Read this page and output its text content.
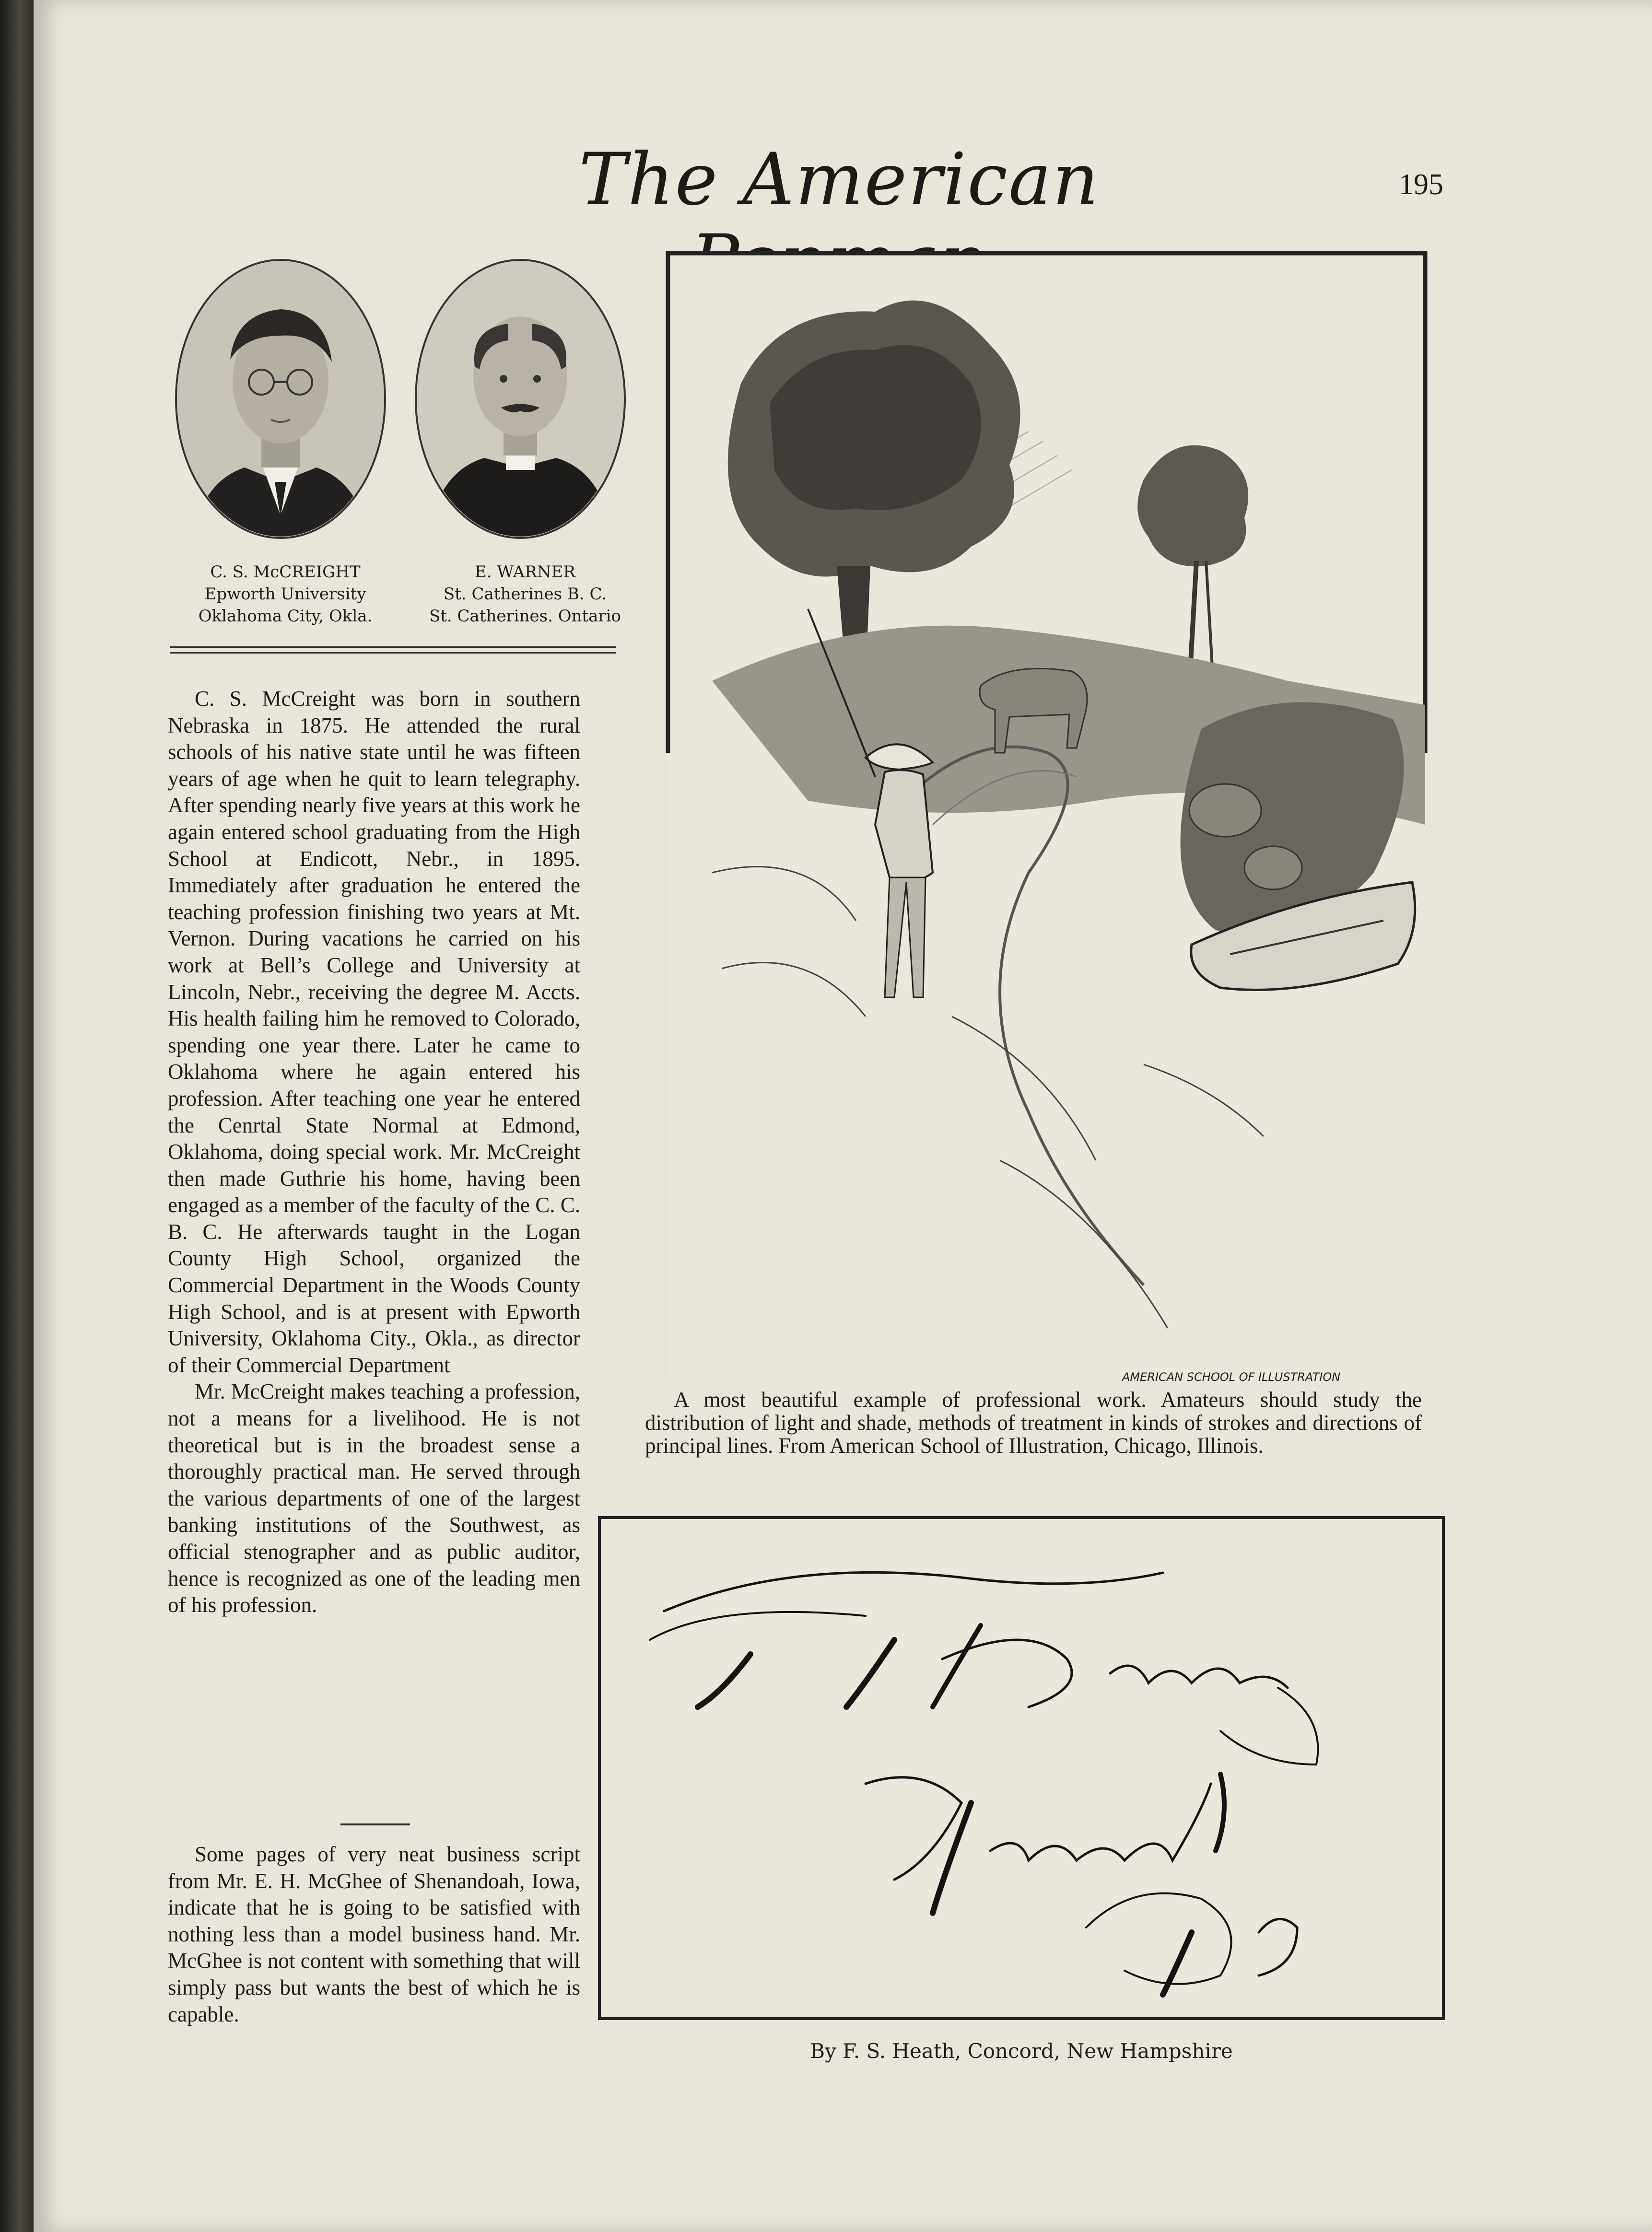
The American	195
C. S. McCREIGHT
Epworth University
Oklahoma City, Okla.
E. WARNER
St. Catherines B. C.
St. Catherines. Ontario

C. S. McCreight was born in southern Nebraska in 1875. He attended the rural schools of his native state until he was fifteen years of age when he quit to learn telegraphy. After spending nearly five years at this work he again entered school graduating from the High School at Endicott, Nebr., in 1895. Immediately after graduation he entered the teaching profession finishing two years at Mt. Vernon. During vacations he carried on his work at Bell’s College and University at Lincoln, Nebr., receiving the degree M. Accts. His health failing him he removed to Colorado, spending one year there. Later he came to Oklahoma where he again entered his profession. After teaching one year he entered the Cenrtal State Normal at Edmond, Oklahoma, doing special work. Mr. McCreight then made Guthrie his home, having been engaged as a member of the faculty of the C. C. B. C. He afterwards taught in the Logan County High School, organized the Commercial Department in the Woods County High School, and is at present with Epworth University, Oklahoma City., Okla., as director of their Commercial Department

Mr. McCreight makes teaching a profession, not a means for a livelihood. He is not theoretical but is in the broadest sense a thoroughly practical man. He served through the various departments of one of the largest banking institutions of the Southwest, as official stenographer and as public auditor, hence is recognized as one of the leading men of his profession.

Some pages of very neat business script from Mr. E. H. McGhee of Shenandoah, Iowa, indicate that he is going to be satisfied with nothing less than a model business hand. Mr. McGhee is not content with something that will simply pass but wants the best of which he is capable.

AMERICAN SCHOOL OF ILLUSTRATION
A most beautiful example of professional work. Amateurs should study the distribution of light and shade, methods of treatment in kinds of strokes and directions of principal lines. From American School of Illustration, Chicago, Illinois.
By F. S. Heath, Concord, New Hampshire
